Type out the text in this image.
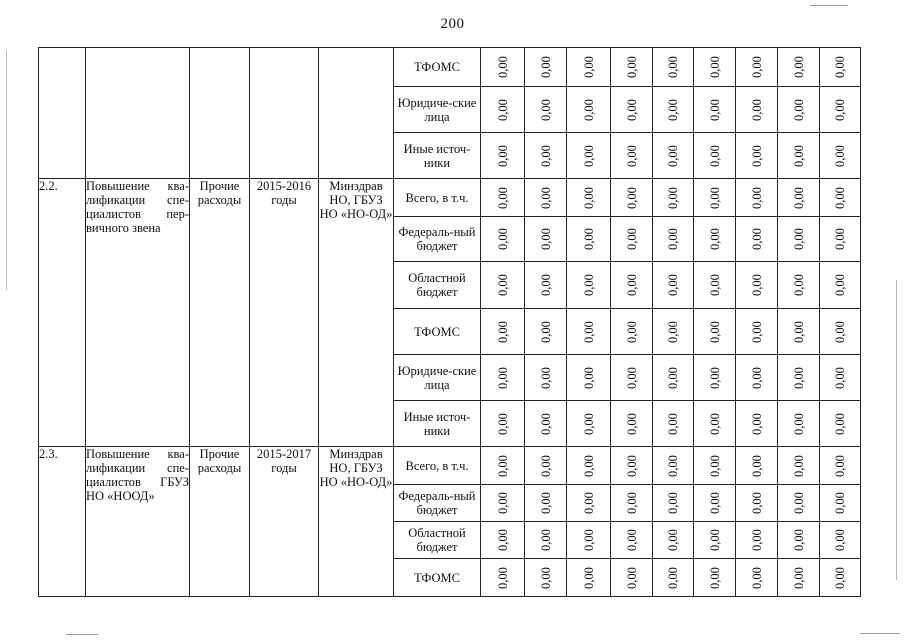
200
					ТФОМС	0,00	0,00	0,00	0,00	0,00	0,00	0,00	0,00	0,00

					Юридиче-ские лица	0,00	0,00	0,00	0,00	0,00	0,00	0,00	0,00	0,00

					Иные источ-ники	0,00	0,00	0,00	0,00	0,00	0,00	0,00	0,00	0,00

2.2.	Повышение ква-лификации спе-циалистов пер-вичного звена	Прочие расходы	2015-2016 годы	Минздрав НО, ГБУЗ НО «НО-ОД»	Всего, в т.ч.	0,00	0,00	0,00	0,00	0,00	0,00	0,00	0,00	0,00

					Федераль-ный бюджет	0,00	0,00	0,00	0,00	0,00	0,00	0,00	0,00	0,00

					Областной бюджет	0,00	0,00	0,00	0,00	0,00	0,00	0,00	0,00	0,00

					ТФОМС	0,00	0,00	0,00	0,00	0,00	0,00	0,00	0,00	0,00

					Юридиче-ские лица	0,00	0,00	0,00	0,00	0,00	0,00	0,00	0,00	0,00

					Иные источ-ники	0,00	0,00	0,00	0,00	0,00	0,00	0,00	0,00	0,00

2.3.	Повышение ква-лификации спе-циалистов ГБУЗ НО «НООД»	Прочие расходы	2015-2017 годы	Минздрав НО, ГБУЗ НО «НО-ОД»	Всего, в т.ч.	0,00	0,00	0,00	0,00	0,00	0,00	0,00	0,00	0,00

					Федераль-ный бюджет	0,00	0,00	0,00	0,00	0,00	0,00	0,00	0,00	0,00

					Областной бюджет	0,00	0,00	0,00	0,00	0,00	0,00	0,00	0,00	0,00

					ТФОМС	0,00	0,00	0,00	0,00	0,00	0,00	0,00	0,00	0,00
